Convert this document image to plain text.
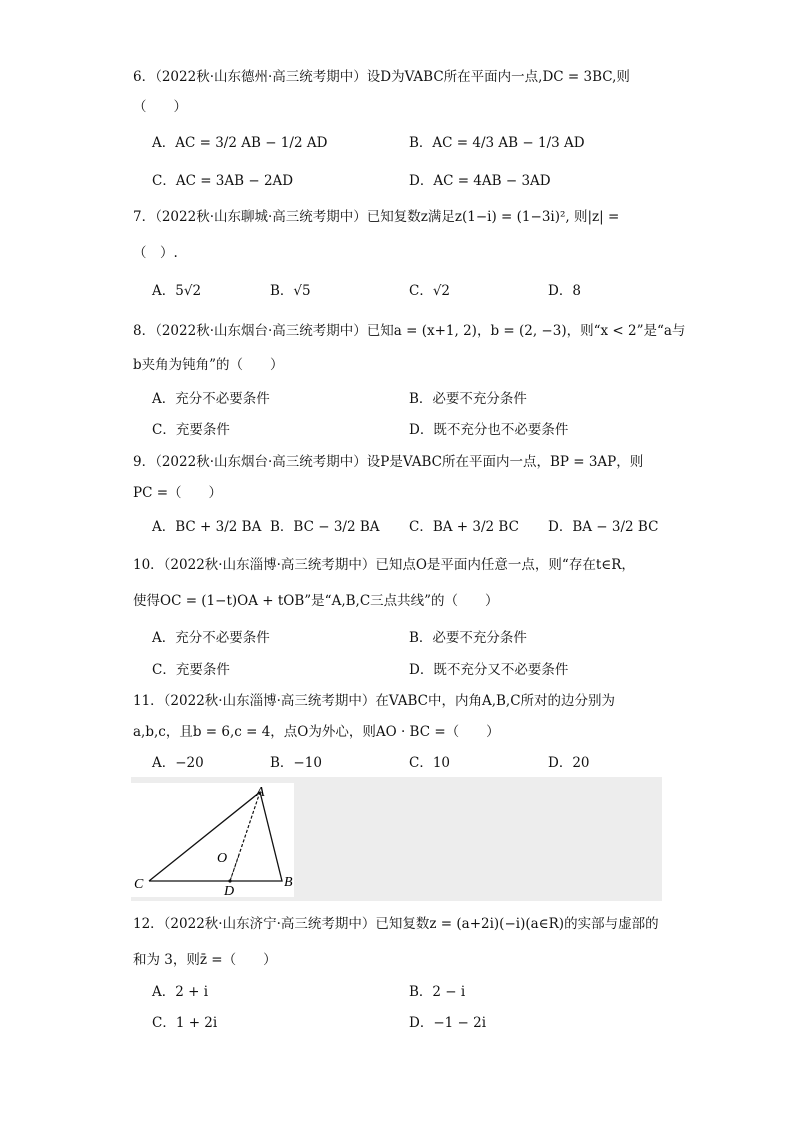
6．（2022秋·山东德州·高三统考期中）设D为VABC所在平面内一点,DC = 3BC,则
（　　）
A．AC = 3/2 AB − 1/2 AD	B．AC = 4/3 AB − 1/3 AD
C．AC = 3AB − 2AD	D．AC = 4AB − 3AD
7．（2022秋·山东聊城·高三统考期中）已知复数z满足z(1−i) = (1−3i)², 则|z| =
（　）.
A．5√2	B．√5	C．√2	D．8
8．（2022秋·山东烟台·高三统考期中）已知a = (x+1, 2)，b = (2, −3)，则“x < 2”是“a与
b夹角为钝角”的（　　）
A．充分不必要条件	B．必要不充分条件
C．充要条件	D．既不充分也不必要条件
9．（2022秋·山东烟台·高三统考期中）设P是VABC所在平面内一点，BP = 3AP，则
PC =（　　）
A．BC + 3/2 BA B．BC − 3/2 BA C．BA + 3/2 BC D．BA − 3/2 BC
10．（2022秋·山东淄博·高三统考期中）已知点O是平面内任意一点，则“存在t∈R，
使得OC = (1−t)OA + tOB”是“A,B,C三点共线”的（　　）
A．充分不必要条件	B．必要不充分条件
C．充要条件	D．既不充分又不必要条件
11．（2022秋·山东淄博·高三统考期中）在VABC中，内角A,B,C所对的边分别为
a,b,c，且b = 6,c = 4，点O为外心，则AO · BC =（　　）
A．−20	B．−10	C．10	D．20
A
B
C	D
O
12．（2022秋·山东济宁·高三统考期中）已知复数z = (a+2i)(−i)(a∈R)的实部与虚部的
和为 3，则z̄ =（　　）
A．2 + i	B．2 − i
C．1 + 2i	D．−1 − 2i
